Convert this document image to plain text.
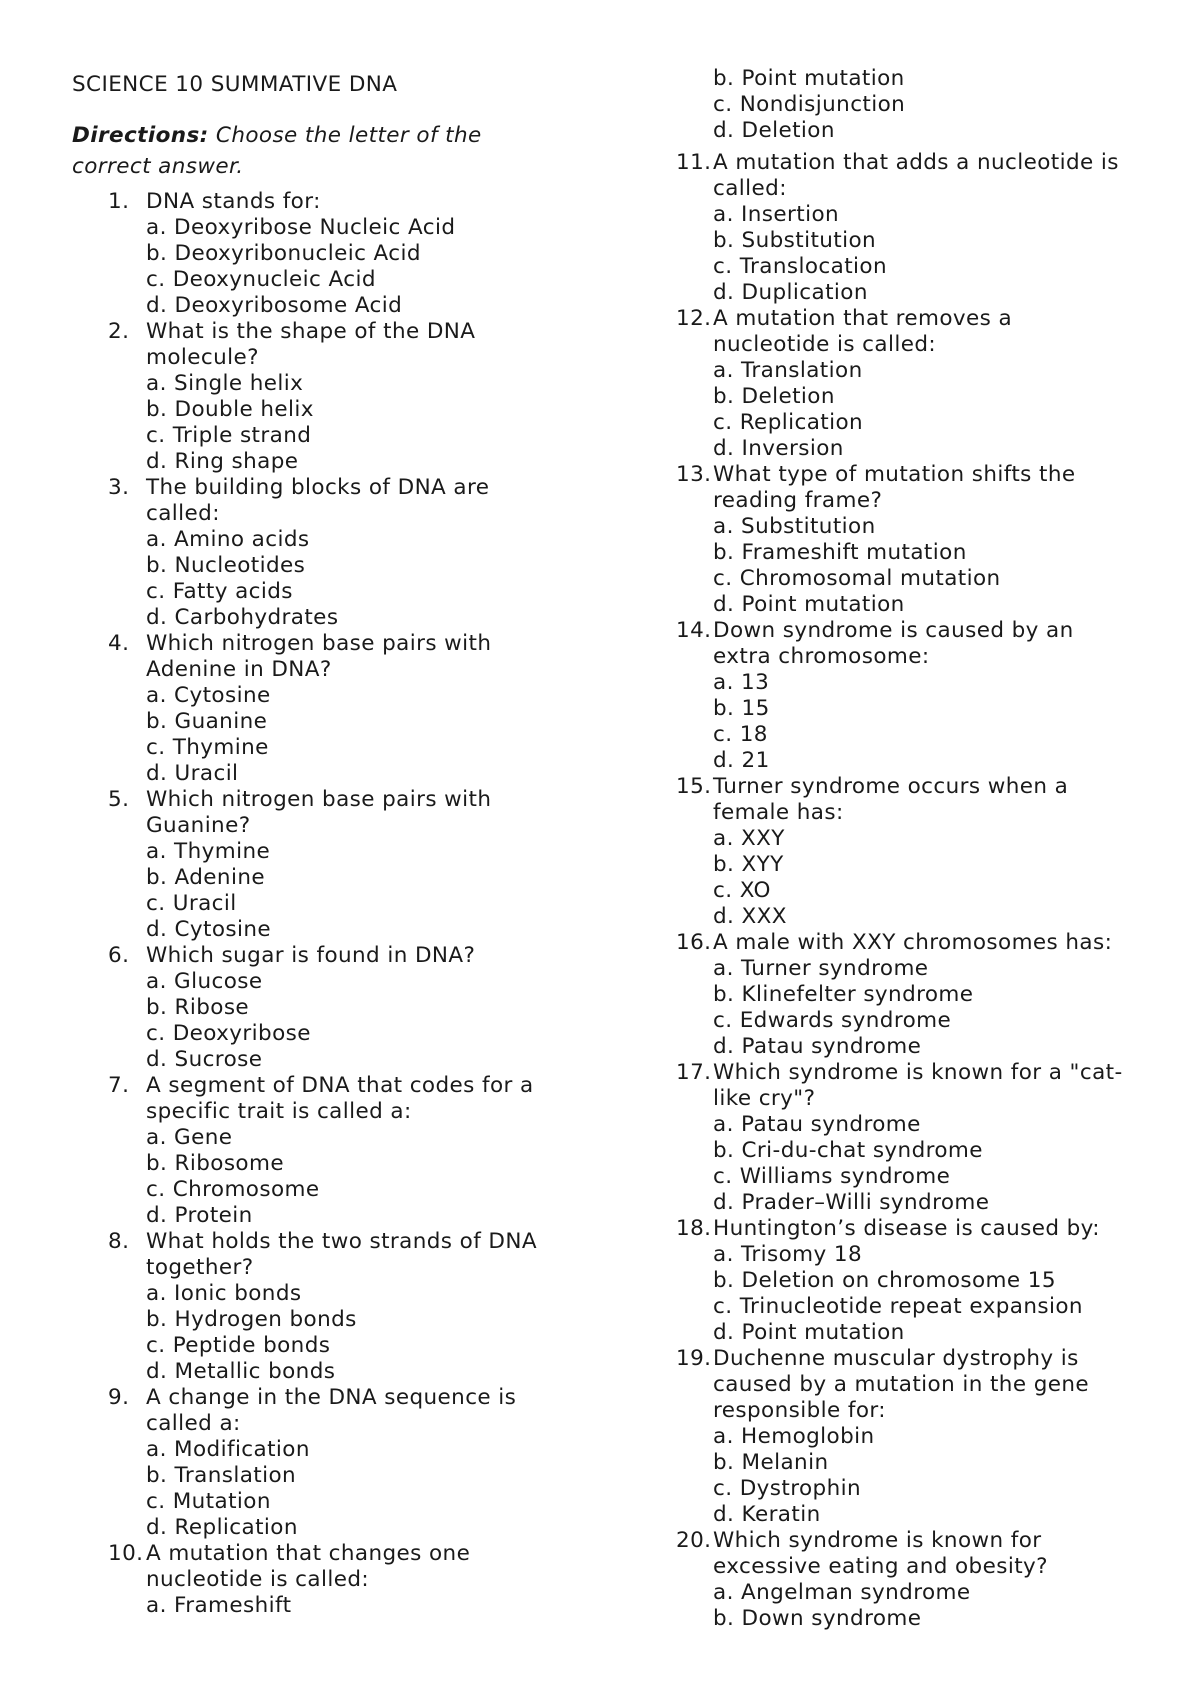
SCIENCE 10 SUMMATIVE DNA
Directions: Choose the letter of the correct answer.
1. DNA stands for:
a. Deoxyribose Nucleic Acid
b. Deoxyribonucleic Acid
c. Deoxynucleic Acid
d. Deoxyribosome Acid
2. What is the shape of the DNA molecule?
a. Single helix
b. Double helix
c. Triple strand
d. Ring shape
3. The building blocks of DNA are called:
a. Amino acids
b. Nucleotides
c. Fatty acids
d. Carbohydrates
4. Which nitrogen base pairs with Adenine in DNA?
a. Cytosine
b. Guanine
c. Thymine
d. Uracil
5. Which nitrogen base pairs with Guanine?
a. Thymine
b. Adenine
c. Uracil
d. Cytosine
6. Which sugar is found in DNA?
a. Glucose
b. Ribose
c. Deoxyribose
d. Sucrose
7. A segment of DNA that codes for a specific trait is called a:
a. Gene
b. Ribosome
c. Chromosome
d. Protein
8. What holds the two strands of DNA together?
a. Ionic bonds
b. Hydrogen bonds
c. Peptide bonds
d. Metallic bonds
9. A change in the DNA sequence is called a:
a. Modification
b. Translation
c. Mutation
d. Replication
10. A mutation that changes one nucleotide is called:
a. Frameshift
b. Point mutation
c. Nondisjunction
d. Deletion
11. A mutation that adds a nucleotide is called:
a. Insertion
b. Substitution
c. Translocation
d. Duplication
12. A mutation that removes a nucleotide is called:
a. Translation
b. Deletion
c. Replication
d. Inversion
13. What type of mutation shifts the reading frame?
a. Substitution
b. Frameshift mutation
c. Chromosomal mutation
d. Point mutation
14. Down syndrome is caused by an extra chromosome:
a. 13
b. 15
c. 18
d. 21
15. Turner syndrome occurs when a female has:
a. XXY
b. XYY
c. XO
d. XXX
16. A male with XXY chromosomes has:
a. Turner syndrome
b. Klinefelter syndrome
c. Edwards syndrome
d. Patau syndrome
17. Which syndrome is known for a "cat-like cry"?
a. Patau syndrome
b. Cri-du-chat syndrome
c. Williams syndrome
d. Prader–Willi syndrome
18. Huntington’s disease is caused by:
a. Trisomy 18
b. Deletion on chromosome 15
c. Trinucleotide repeat expansion
d. Point mutation
19. Duchenne muscular dystrophy is caused by a mutation in the gene responsible for:
a. Hemoglobin
b. Melanin
c. Dystrophin
d. Keratin
20. Which syndrome is known for excessive eating and obesity?
a. Angelman syndrome
b. Down syndrome
